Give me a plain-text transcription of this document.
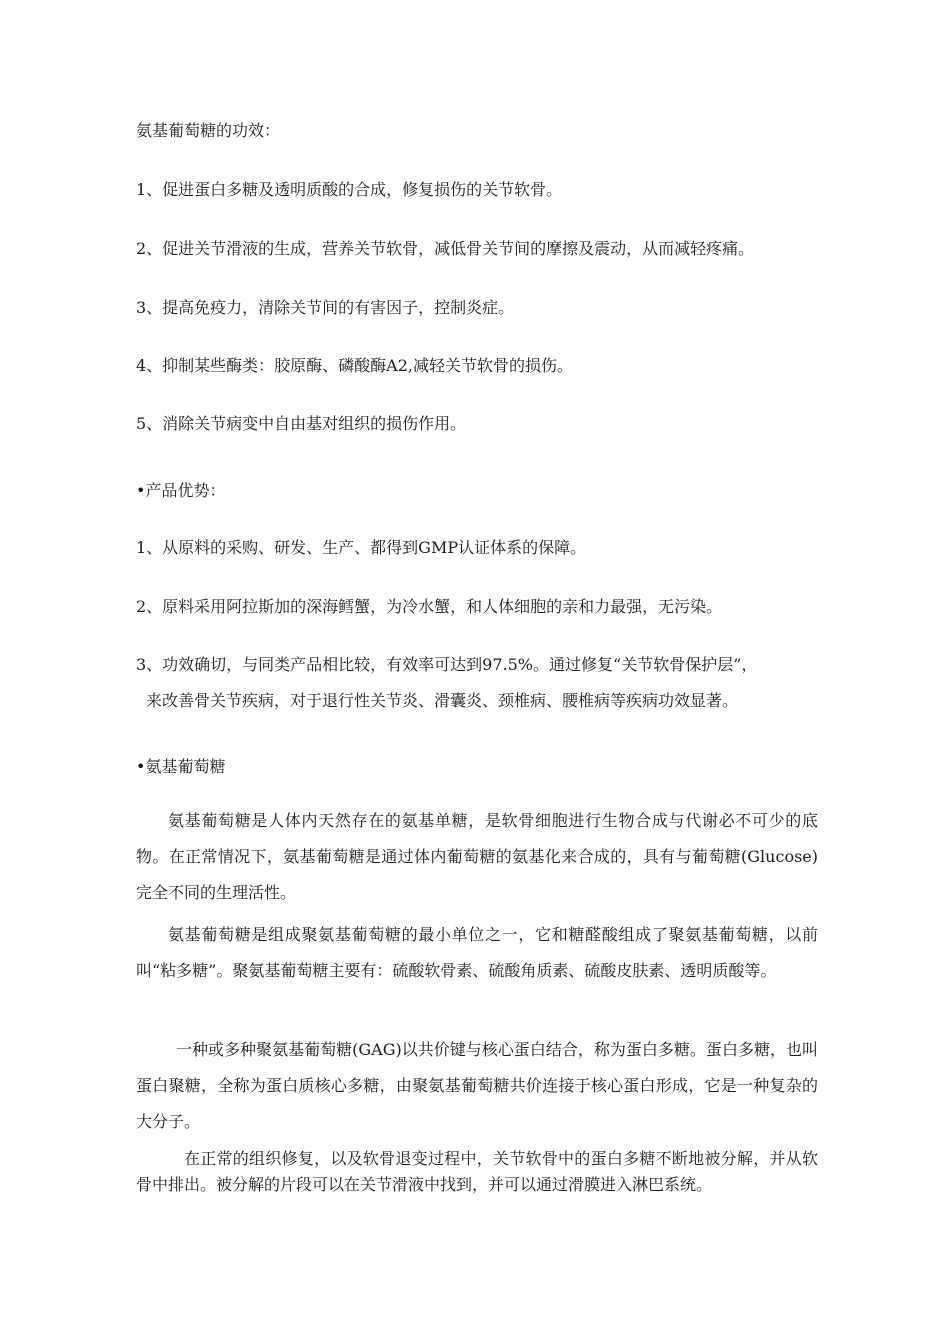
氨基葡萄糖的功效：
1、促进蛋白多糖及透明质酸的合成，修复损伤的关节软骨。
2、促进关节滑液的生成，营养关节软骨，减低骨关节间的摩擦及震动，从而减轻疼痛。
3、提高免疫力，清除关节间的有害因子，控制炎症。
4、抑制某些酶类：胶原酶、磷酸酶A2,减轻关节软骨的损伤。
5、消除关节病变中自由基对组织的损伤作用。
•产品优势：
1、从原料的采购、研发、生产、都得到GMP认证体系的保障。
2、原料采用阿拉斯加的深海鳕蟹，为冷水蟹，和人体细胞的亲和力最强，无污染。
3、功效确切，与同类产品相比较，有效率可达到97.5%。通过修复“关节软骨保护层”，
来改善骨关节疾病，对于退行性关节炎、滑囊炎、颈椎病、腰椎病等疾病功效显著。
•氨基葡萄糖

氨基葡萄糖是人体内天然存在的氨基单糖，是软骨细胞进行生物合成与代谢必不可少的底物。在正常情况下，氨基葡萄糖是通过体内葡萄糖的氨基化来合成的，具有与葡萄糖(Glucose)完全不同的生理活性。

氨基葡萄糖是组成聚氨基葡萄糖的最小单位之一，它和糖醛酸组成了聚氨基葡萄糖，以前叫“粘多糖”。聚氨基葡萄糖主要有：硫酸软骨素、硫酸角质素、硫酸皮肤素、透明质酸等。

一种或多种聚氨基葡萄糖(GAG)以共价键与核心蛋白结合，称为蛋白多糖。蛋白多糖，也叫蛋白聚糖，全称为蛋白质核心多糖，由聚氨基葡萄糖共价连接于核心蛋白形成，它是一种复杂的大分子。

在正常的组织修复，以及软骨退变过程中，关节软骨中的蛋白多糖不断地被分解，并从软骨中排出。被分解的片段可以在关节滑液中找到，并可以通过滑膜进入淋巴系统。
